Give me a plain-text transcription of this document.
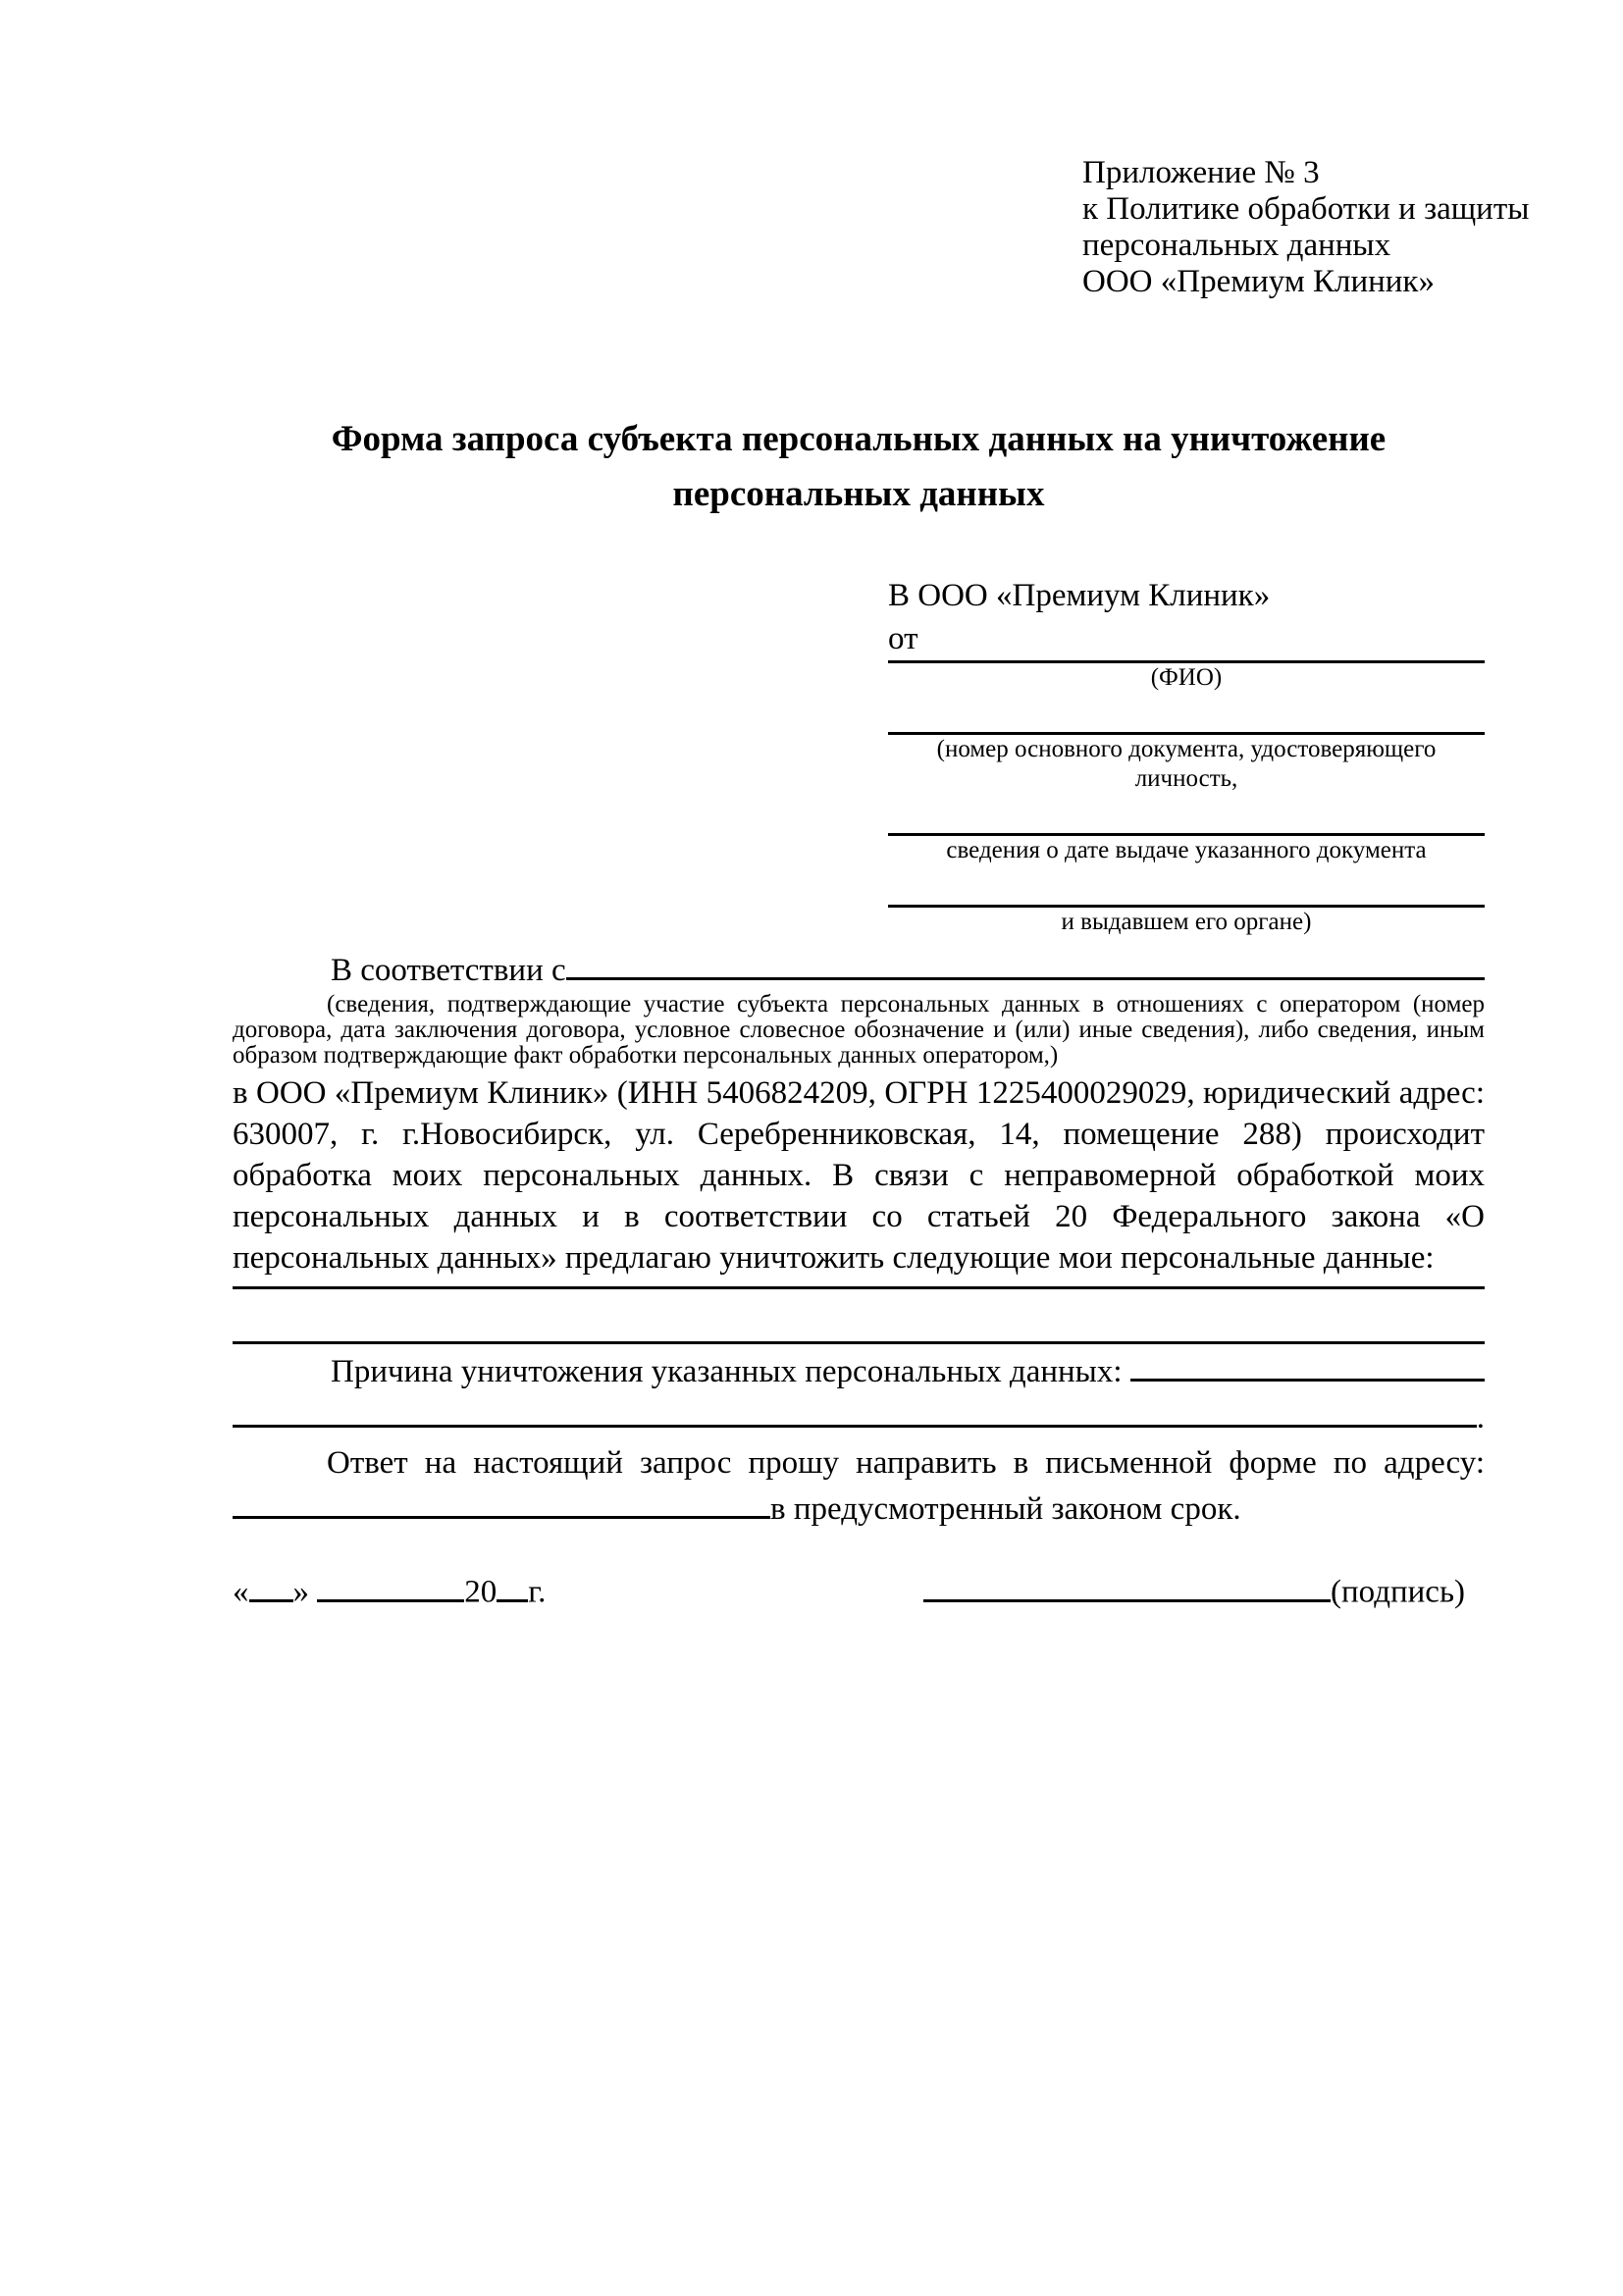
Приложение № 3
к Политике обработки и защиты
персональных данных
ООО «Премиум Клиник»
Форма запроса субъекта персональных данных на уничтожение персональных данных
В ООО «Премиум Клиник»
от
(ФИО)
(номер основного документа, удостоверяющего личность,
сведения о дате выдаче указанного документа
и выдавшем его органе)
В соответствии с

(сведения, подтверждающие участие субъекта персональных данных в отношениях с оператором (номер договора, дата заключения договора, условное словесное обозначение и (или) иные сведения), либо сведения, иным образом подтверждающие факт обработки персональных данных оператором,)

в ООО «Премиум Клиник» (ИНН 5406824209, ОГРН 1225400029029, юридический адрес: 630007, г. г.Новосибирск, ул. Серебренниковская, 14, помещение 288) происходит обработка моих персональных данных. В связи с неправомерной обработкой моих персональных данных и в соответствии со статьей 20 Федерального закона «О персональных данных» предлагаю уничтожить следующие мои персональные данные:

Причина уничтожения указанных персональных данных:

.

Ответ на настоящий запрос прошу направить в письменной форме по адресу:

в предусмотренный законом срок.
« »	20 г.	(подпись)
